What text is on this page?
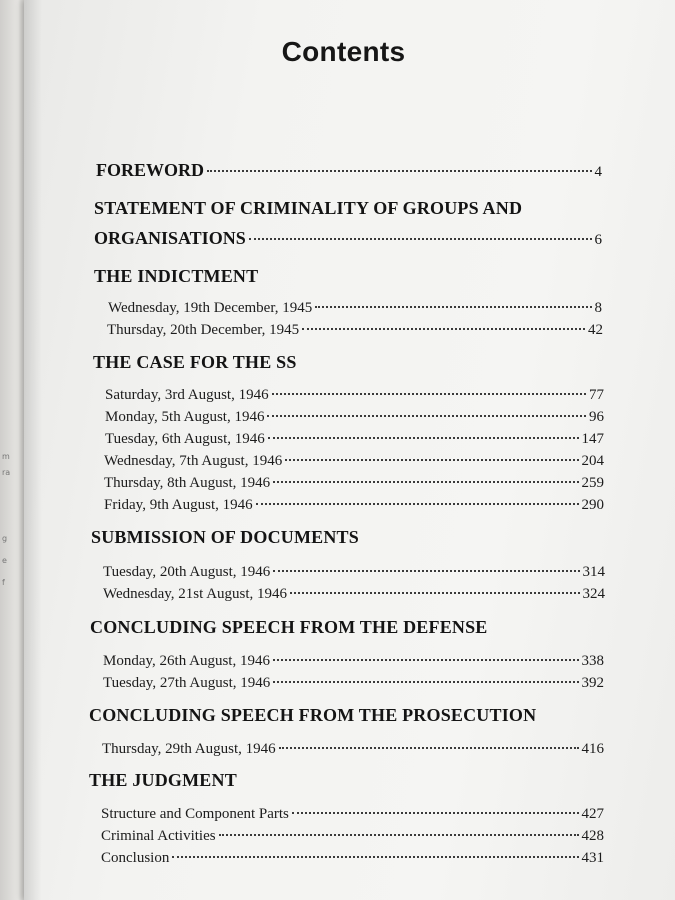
m
ra
g
e
f
Contents
FOREWORD	4
STATEMENT OF CRIMINALITY OF GROUPS AND
ORGANISATIONS	6
THE INDICTMENT
Wednesday, 19th December, 1945	8
Thursday, 20th December, 1945	42
THE CASE FOR THE SS
Saturday, 3rd August, 1946	77
Monday, 5th August, 1946	96
Tuesday, 6th August, 1946	147
Wednesday, 7th August, 1946	204
Thursday, 8th August, 1946	259
Friday, 9th August, 1946	290
SUBMISSION OF DOCUMENTS
Tuesday, 20th August, 1946	314
Wednesday, 21st August, 1946	324
CONCLUDING SPEECH FROM THE DEFENSE
Monday, 26th August, 1946	338
Tuesday, 27th August, 1946	392
CONCLUDING SPEECH FROM THE PROSECUTION
Thursday, 29th August, 1946	416
THE JUDGMENT
Structure and Component Parts	427
Criminal Activities	428
Conclusion	431
